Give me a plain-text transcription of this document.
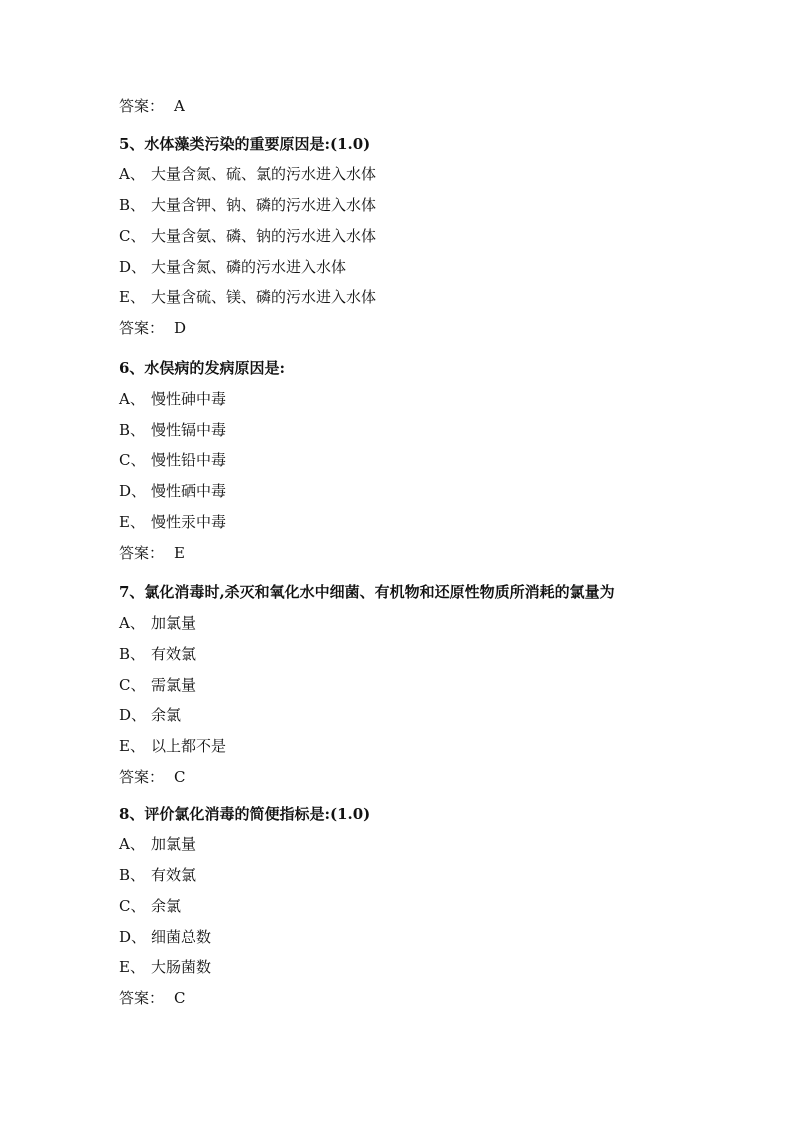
答案： A

5、水体藻类污染的重要原因是:(1.0)

A、 大量含氮、硫、氯的污水进入水体

B、 大量含钾、钠、磷的污水进入水体

C、 大量含氨、磷、钠的污水进入水体

D、 大量含氮、磷的污水进入水体

E、 大量含硫、镁、磷的污水进入水体

答案： D

6、水俣病的发病原因是:

A、 慢性砷中毒

B、 慢性镉中毒

C、 慢性铅中毒

D、 慢性硒中毒

E、 慢性汞中毒

答案： E

7、氯化消毒时,杀灭和氧化水中细菌、有机物和还原性物质所消耗的氯量为

A、 加氯量

B、 有效氯

C、 需氯量

D、 余氯

E、 以上都不是

答案： C

8、评价氯化消毒的简便指标是:(1.0)

A、 加氯量

B、 有效氯

C、 余氯

D、 细菌总数

E、 大肠菌数

答案： C
